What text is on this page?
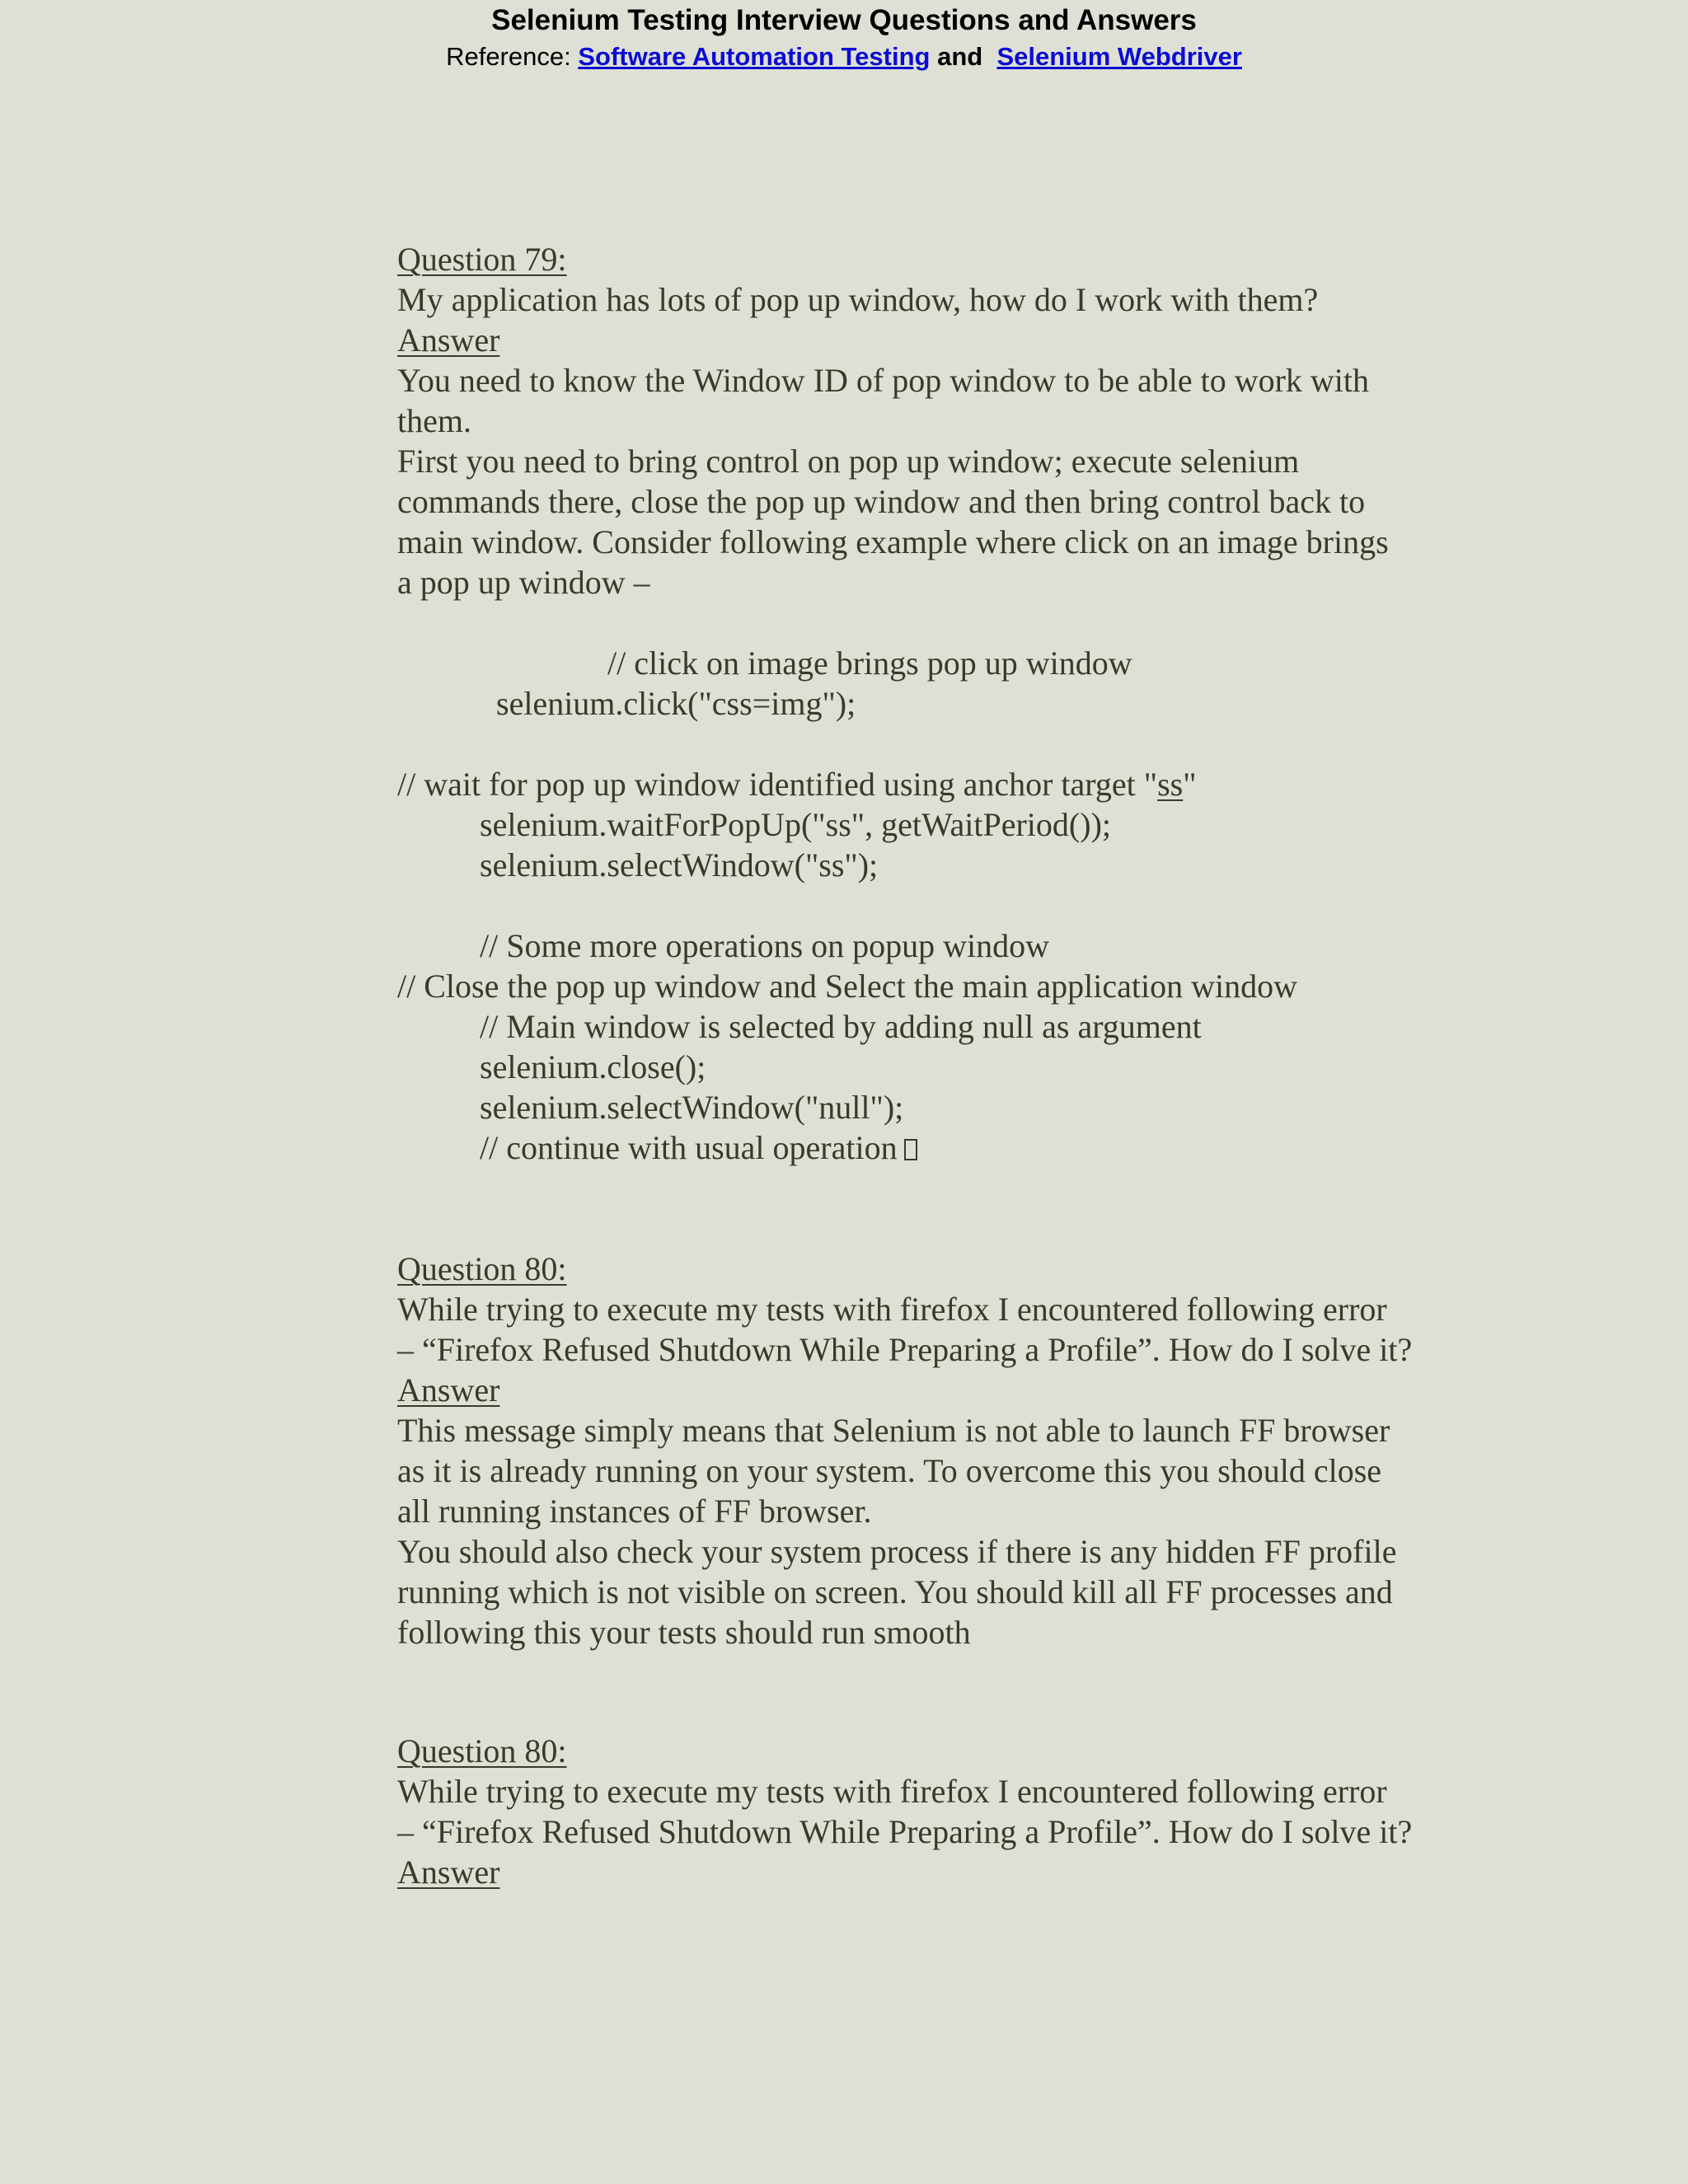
Selenium Testing Interview Questions and Answers
Reference: Software Automation Testing and Selenium Webdriver
Question 79:
My application has lots of pop up window, how do I work with them?
Answer
You need to know the Window ID of pop window to be able to work with
them.
First you need to bring control on pop up window; execute selenium
commands there, close the pop up window and then bring control back to
main window. Consider following example where click on an image brings
a pop up window –
// click on image brings pop up window
selenium.click("css=img");
// wait for pop up window identified using anchor target "ss"
selenium.waitForPopUp("ss", getWaitPeriod());
selenium.selectWindow("ss");
// Some more operations on popup window
// Close the pop up window and Select the main application window
// Main window is selected by adding null as argument
selenium.close();
selenium.selectWindow("null");
// continue with usual operation
Question 80:
While trying to execute my tests with firefox I encountered following error
– “Firefox Refused Shutdown While Preparing a Profile”. How do I solve it?
Answer
This message simply means that Selenium is not able to launch FF browser
as it is already running on your system. To overcome this you should close
all running instances of FF browser.
You should also check your system process if there is any hidden FF profile
running which is not visible on screen. You should kill all FF processes and
following this your tests should run smooth
Question 80:
While trying to execute my tests with firefox I encountered following error
– “Firefox Refused Shutdown While Preparing a Profile”. How do I solve it?
Answer
